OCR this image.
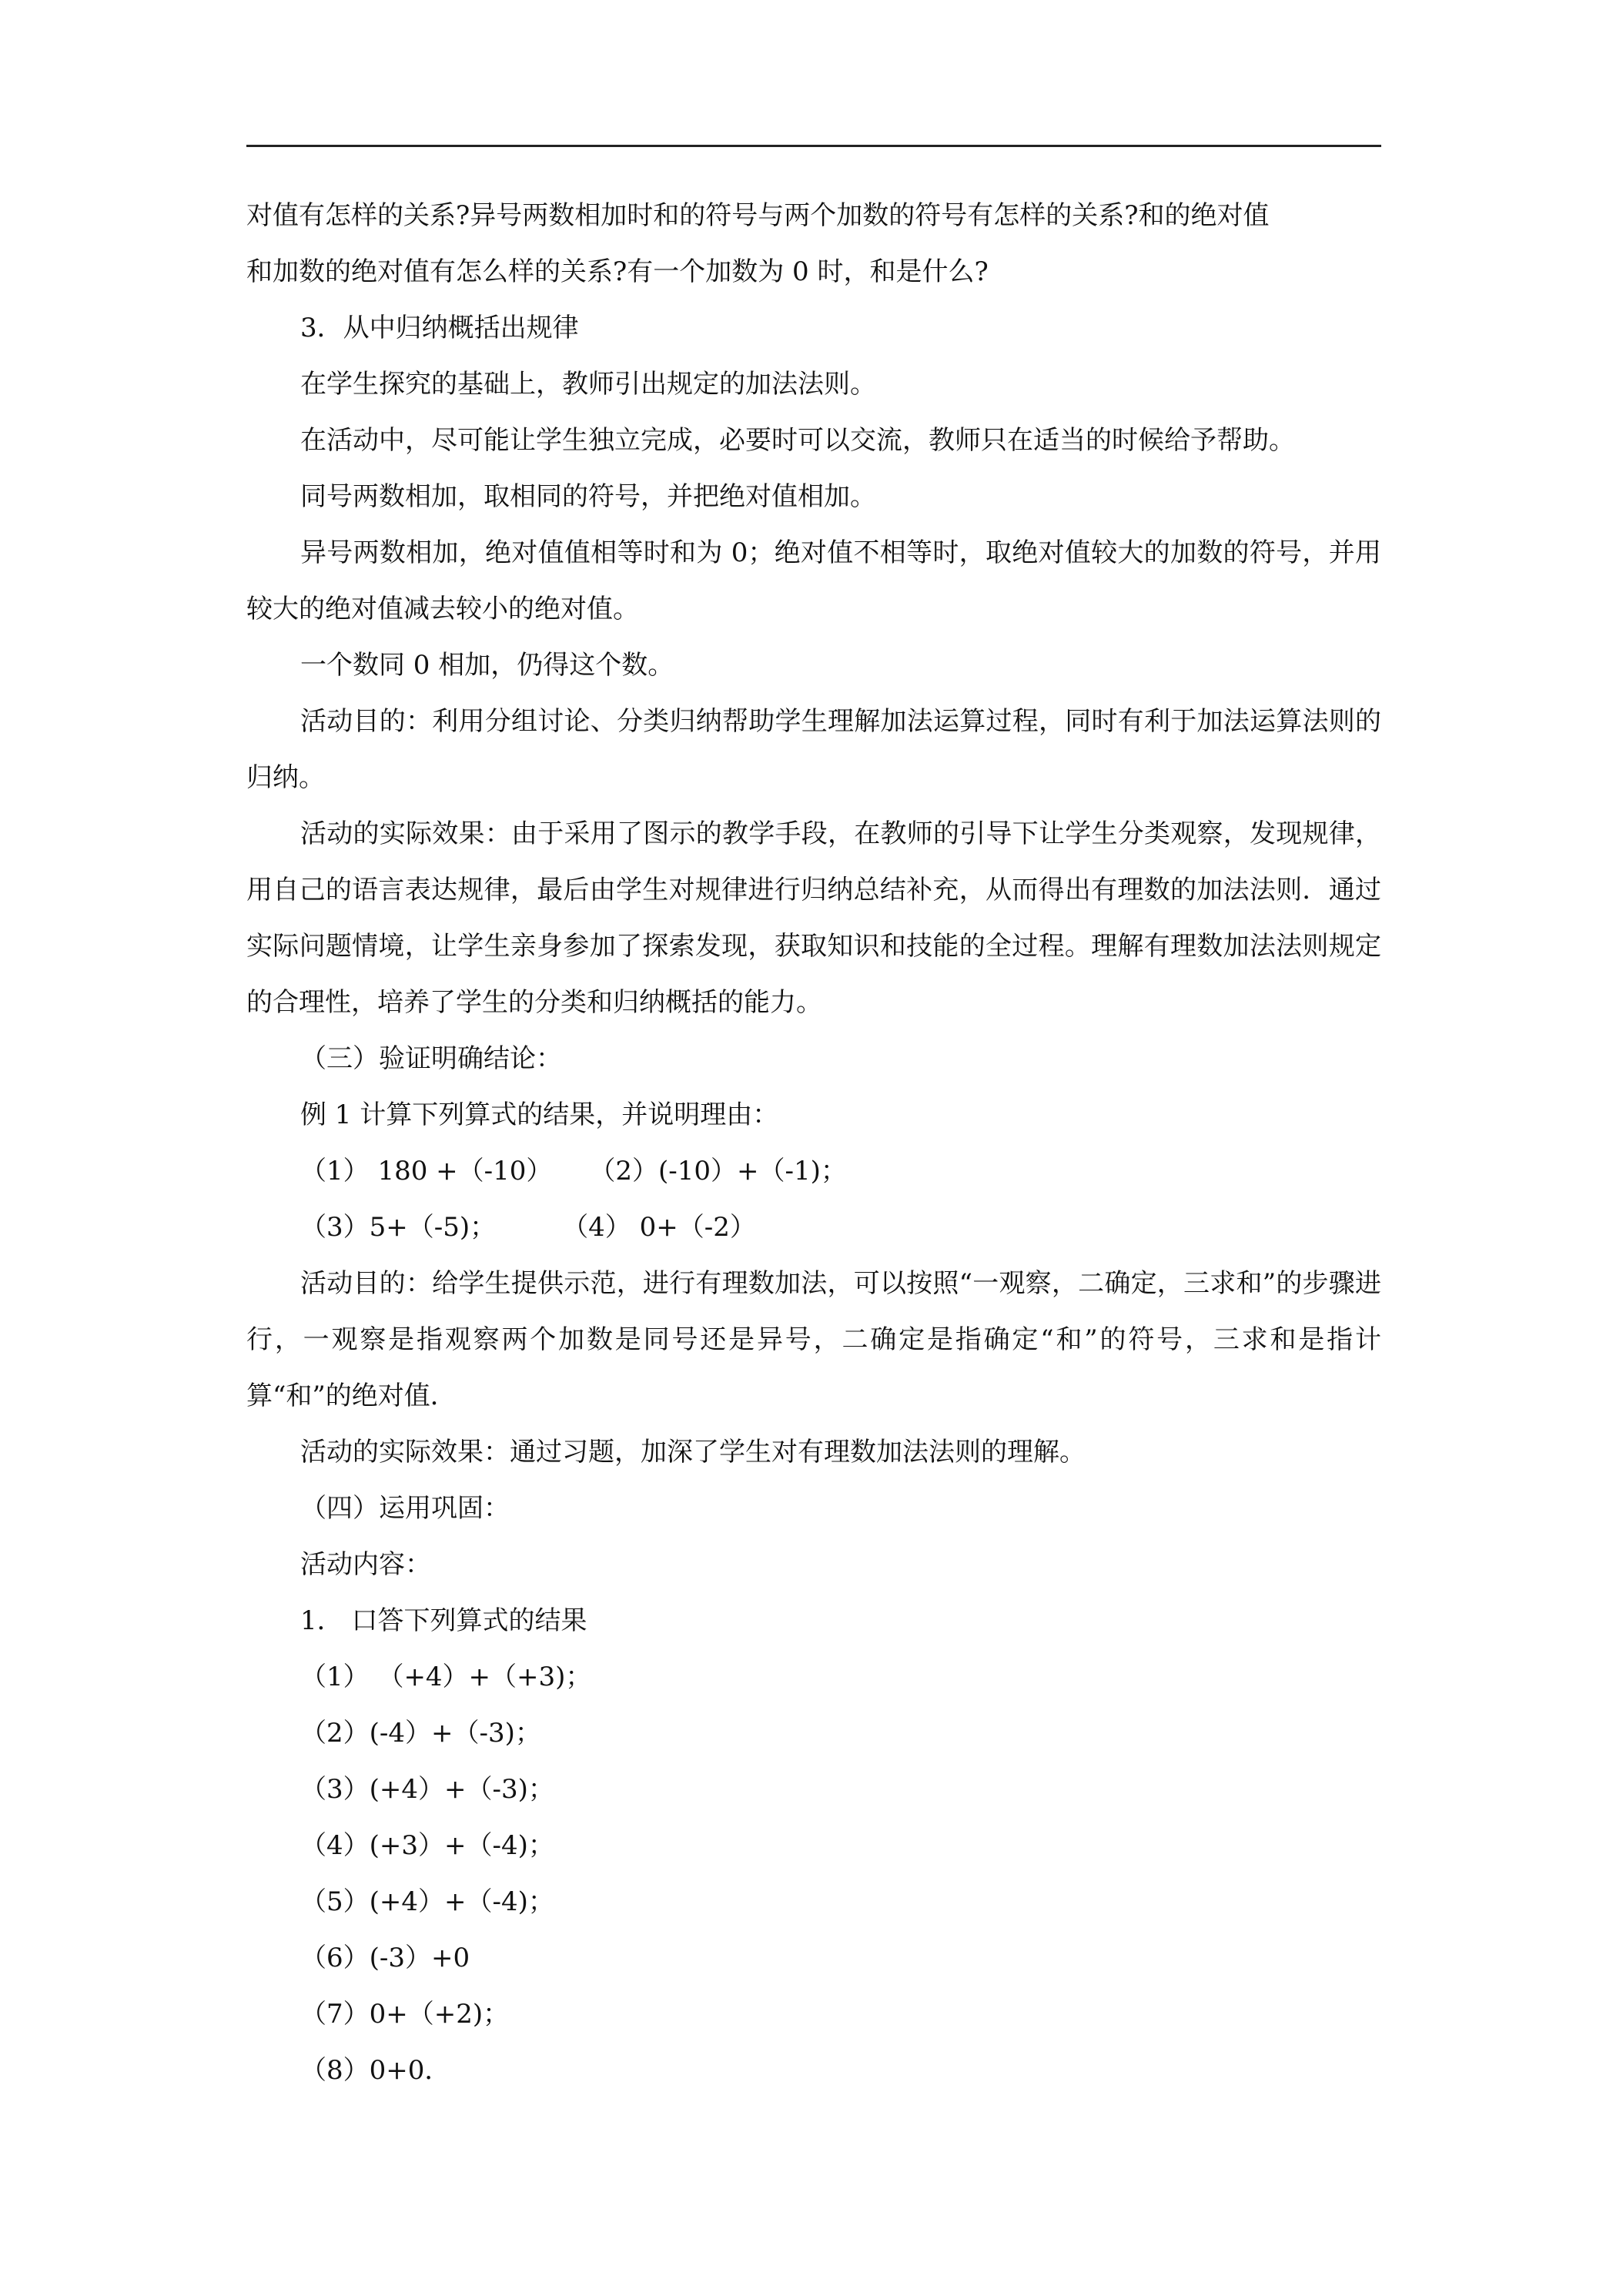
对值有怎样的关系?异号两数相加时和的符号与两个加数的符号有怎样的关系?和的绝对值

和加数的绝对值有怎么样的关系?有一个加数为 0 时，和是什么?

3．从中归纳概括出规律

在学生探究的基础上，教师引出规定的加法法则。

在活动中，尽可能让学生独立完成，必要时可以交流，教师只在适当的时候给予帮助。

同号两数相加，取相同的符号，并把绝对值相加。

异号两数相加，绝对值值相等时和为 0；绝对值不相等时，取绝对值较大的加数的符号，并用较大的绝对值减去较小的绝对值。

一个数同 0 相加，仍得这个数。

活动目的：利用分组讨论、分类归纳帮助学生理解加法运算过程，同时有利于加法运算法则的归纳。

活动的实际效果：由于采用了图示的教学手段，在教师的引导下让学生分类观察，发现规律，用自己的语言表达规律，最后由学生对规律进行归纳总结补充，从而得出有理数的加法法则．通过实际问题情境，让学生亲身参加了探索发现，获取知识和技能的全过程。理解有理数加法法则规定的合理性，培养了学生的分类和归纳概括的能力。

（三）验证明确结论：

例 1 计算下列算式的结果，并说明理由：

（1） 180 +（-10） （2）(-10）+（-1)；

（3）5+（-5)；	（4） 0+（-2）

活动目的：给学生提供示范，进行有理数加法，可以按照“一观察，二确定，三求和”的步骤进行，一观察是指观察两个加数是同号还是异号，二确定是指确定“和”的符号，三求和是指计算“和”的绝对值．

活动的实际效果：通过习题，加深了学生对有理数加法法则的理解。

（四）运用巩固：

活动内容：

1． 口答下列算式的结果

（1） （+4）+（+3)；

（2）(-4）+（-3)；

（3）(+4）+（-3)；

（4）(+3）+（-4)；

（5）(+4）+（-4)；

（6）(-3）+0

（7）0+（+2)；

（8）0+0．
